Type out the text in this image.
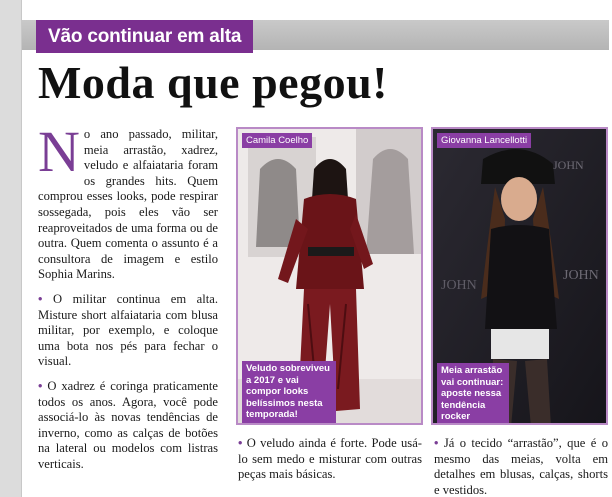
Vão continuar em alta
Moda que pegou!
No ano passado, militar, meia arrastão, xadrez, veludo e alfaiataria foram os grandes hits. Quem comprou esses looks, pode respirar sossegada, pois eles vão ser reaproveitados de uma forma ou de outra. Quem comenta o assunto é a consultora de imagem e estilo Sophia Marins.
• O militar continua em alta. Misture short alfaiataria com blusa militar, por exemplo, e coloque uma bota nos pés para fechar o visual.
• O xadrez é coringa praticamente todos os anos. Agora, você pode associá-lo às novas tendências de inverno, como as calças de botões na lateral ou modelos com listras verticais.
Camila Coelho
Veludo sobreviveu a 2017 e vai compor looks belíssimos nesta temporada!
JOHN
JOHN
JOHN
Giovanna Lancellotti
Meia arrastão vai continuar: aposte nessa tendência rocker
• O veludo ainda é forte. Pode usá-lo sem medo e misturar com outras peças mais básicas.
• Já o tecido “arrastão”, que é o mesmo das meias, volta em detalhes em blusas, calças, shorts e vestidos.
